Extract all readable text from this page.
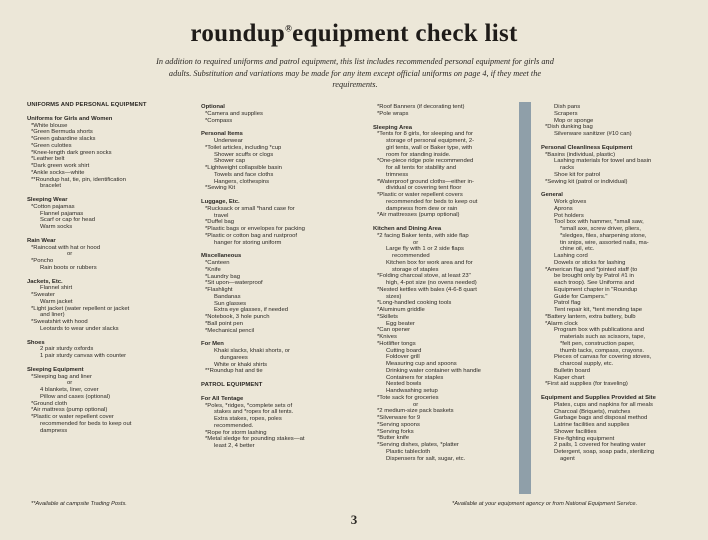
roundup®equipment check list
In addition to required uniforms and patrol equipment, this list includes recommended personal equipment for girls and adults. Substitution and variations may be made for any item except official uniforms on page 4, if they meet the requirements.
UNIFORMS AND PERSONAL EQUIPMENT
Uniforms for Girls and Women
*White blouse
*Green Bermuda shorts
*Green gabardine slacks
*Green culottes
*Knee-length dark green socks
*Leather belt
*Dark green work shirt
*Ankle socks—white
**Roundup hat, tie, pin, identification
bracelet
Sleeping Wear
*Cotton pajamas
Flannel pajamas
Scarf or cap for head
Warm socks
Rain Wear
*Raincoat with hat or hood
or
*Poncho
Rain boots or rubbers
Jackets, Etc.
Flannel shirt
*Sweater
Warm jacket
*Light jacket (water repellent or jacket
and liner)
*Sweatshirt with hood
Leotards to wear under slacks
Shoes
2 pair sturdy oxfords
1 pair sturdy canvas with counter
Sleeping Equipment
*Sleeping bag and liner
or
4 blankets, liner, cover
Pillow and cases (optional)
*Ground cloth
*Air mattress (pump optional)
*Plastic or water repellent cover
recommended for beds to keep out
dampness
Optional
*Camera and supplies
*Compass
Personal Items
Underwear
*Toilet articles, including *cup
Shower scuffs or clogs
Shower cap
*Lightweight collapsible basin
Towels and face cloths
Hangers, clothespins
*Sewing Kit
Luggage, Etc.
*Rucksack or small *hand case for
travel
*Duffel bag
*Plastic bags or envelopes for packing
*Plastic or cotton bag and rustproof
hanger for storing uniform
Miscellaneous
*Canteen
*Knife
*Laundry bag
*Sit upon—waterproof
*Flashlight
Bandanas
Sun glasses
Extra eye glasses, if needed
*Notebook, 3 hole punch
*Ball point pen
*Mechanical pencil
For Men
Khaki slacks, khaki shorts, or
dungarees
White or khaki shirts
**Roundup hat and tie
PATROL EQUIPMENT
For All Tentage
*Poles, *ridges, *complete sets of
stakes and *ropes for all tents.
Extra stakes, ropes, poles
recommended.
*Rope for storm lashing
*Metal sledge for pounding stakes—at
least 2, 4 better
*Roof Banners (if decorating tent)
*Pole wraps
Sleeping Area
*Tents for 8 girls, for sleeping and for
storage of personal equipment, 2-
girl tents, wall or Baker type, with
room for standing inside.
*One-piece ridge pole recommended
for all tents for stability and
trimness
*Waterproof ground cloths—either in-
dividual or covering tent floor
*Plastic or water repellent covers
recommended for beds to keep out
dampness from dew or rain
*Air mattresses (pump optional)
Kitchen and Dining Area
*2 facing Baker tents, with side flap
or
Large fly with 1 or 2 side flaps
recommended
Kitchen box for work area and for
storage of staples
*Folding charcoal stove, at least 23"
high, 4-pot size (no ovens needed)
*Nested kettles with bales (4-6-8 quart
sizes)
*Long-handled cooking tools
*Aluminum griddle
*Skillets
Egg beater
*Can opener
*Knives
*Hotlifter tongs
Cutting board
Foldover grill
Measuring cup and spoons
Drinking water container with handle
Containers for staples
Nested bowls
Handwashing setup
*Tote sack for groceries
or
*2 medium-size pack baskets
*Silverware for 9
*Serving spoons
*Serving forks
*Butter knife
*Serving dishes, plates, *platter
Plastic tablecloth
Dispensers for salt, sugar, etc.
Dish pans
Scrapers
Mop or sponge
*Dish dunking bag
Silverware sanitizer (#10 can)
Personal Cleanliness Equipment
*Basins (individual, plastic)
Lashing materials for towel and basin
racks
Shoe kit for patrol
*Sewing kit (patrol or individual)
General
Work gloves
Aprons
Pot holders
Tool box with hammer, *small saw,
*small axe, screw driver, pliers,
*sledges, files, sharpening stone,
tin snips, wire, assorted nails, ma-
chine oil, etc.
Lashing cord
Dowels or sticks for lashing
*American flag and *jointed staff (to
be brought only by Patrol #1 in
each troop). See Uniforms and
Equipment chapter in "Roundup
Guide for Campers."
Patrol flag
Tent repair kit, *tent mending tape
*Battery lantern, extra battery, bulb
*Alarm clock
Program box with publications and
materials such as scissors, tape,
*felt pen, construction paper,
thumb tacks, compass, crayons.
Pieces of canvas for covering stoves,
charcoal supply, etc.
Bulletin board
Kaper chart
*First aid supplies (for traveling)
Equipment and Supplies Provided at Site
Plates, cups and napkins for all meals
Charcoal (Briquets), matches
Garbage bags and disposal method
Latrine facilities and supplies
Shower facilities
Fire-fighting equipment
2 pails, 1 covered for heating water
Detergent, soap, soap pads, sterilizing
agent
**Available at campsite Trading Posts.	*Available at your equipment agency or from National Equipment Service.
3
